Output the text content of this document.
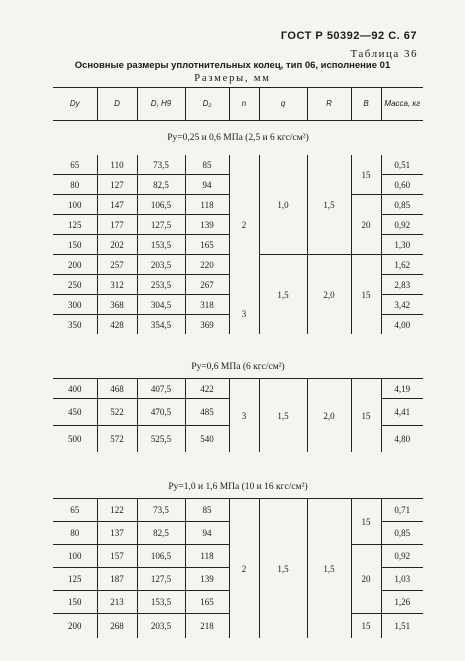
ГОСТ Р 50392—92 С. 67
Таблица 36
Основные размеры уплотнительных колец, тип 06, исполнение 01
Размеры, мм
Dу	D	D, Н9	D₂	n	q	R	B	Масса, кг
Pу=0,25 и 0,6 МПа (2,5 и 6 кгс/см²)								
65	110	73,5	85	2	1,0	1,5	15	0,51
80	127	82,5	94					0,60
100	147	106,5	118				20	0,85
125	177	127,5	139					0,92
150	202	153,5	165					1,30
200	257	203,5	220		1,5	2,0	15	1,62
250	312	253,5	267					2,83
300	368	304,5	318	3				3,42
350	428	354,5	369					4,00
Pу=0,6 МПа (6 кгс/см²)								
400	468	407,5	422	3	1,5	2,0	15	4,19
450	522	470,5	485					4,41
500	572	525,5	540					4,80
Pу=1,0 и 1,6 МПа (10 и 16 кгс/см²)								
65	122	73,5	85	2	1,5	1,5	15	0,71
80	137	82,5	94					0,85
100	157	106,5	118				20	0,92
125	187	127,5	139					1,03
150	213	153,5	165					1,26
200	268	203,5	218				15	1,51
